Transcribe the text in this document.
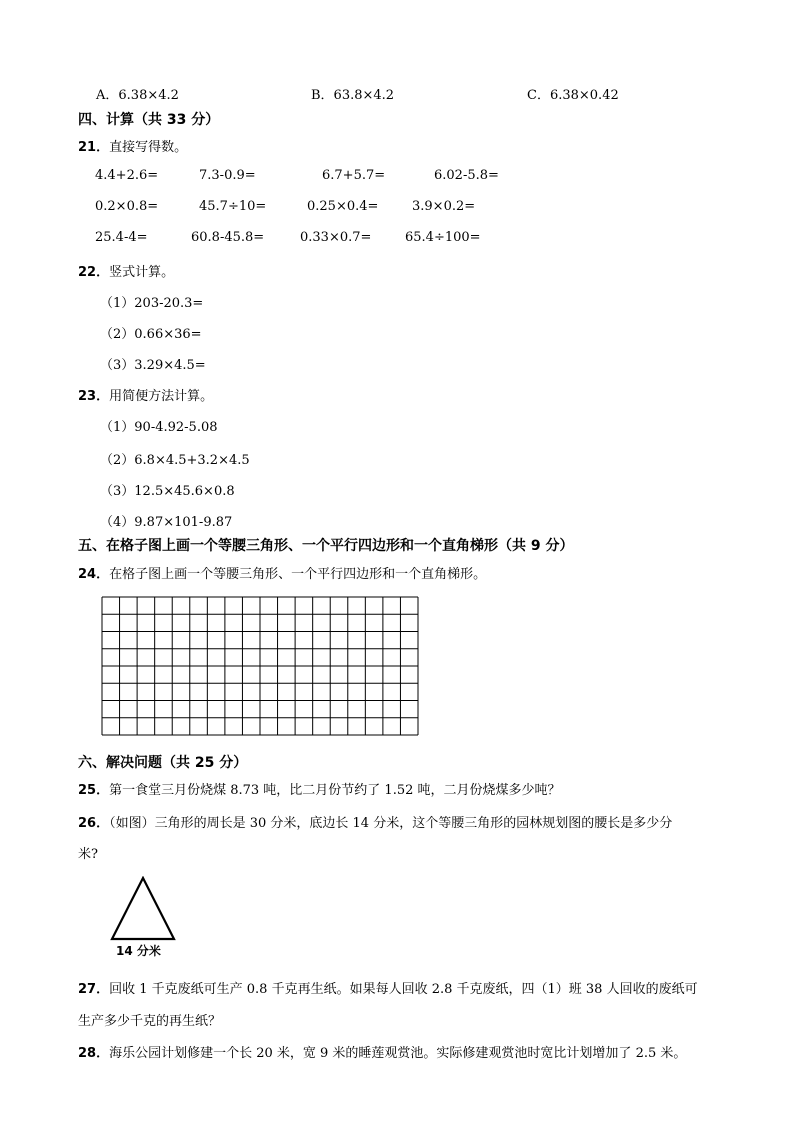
A．6.38×4.2	B．63.8×4.2	C．6.38×0.42
四、计算（共 33 分）
21．直接写得数。
4.4+2.6=	7.3-0.9=	6.7+5.7=	6.02-5.8=
0.2×0.8=	45.7÷10=	0.25×0.4=	3.9×0.2=
25.4-4=	60.8-45.8=	0.33×0.7=	65.4÷100=
22．竖式计算。
（1）203-20.3=
（2）0.66×36=
（3）3.29×4.5=
23．用简便方法计算。
（1）90-4.92-5.08
（2）6.8×4.5+3.2×4.5
（3）12.5×45.6×0.8
（4）9.87×101-9.87
五、在格子图上画一个等腰三角形、一个平行四边形和一个直角梯形（共 9 分）
24．在格子图上画一个等腰三角形、一个平行四边形和一个直角梯形。
六、解决问题（共 25 分）
25．第一食堂三月份烧煤 8.73 吨，比二月份节约了 1.52 吨，二月份烧煤多少吨？
26．（如图）三角形的周长是 30 分米，底边长 14 分米，这个等腰三角形的园林规划图的腰长是多少分
米?
14 分米
27．回收 1 千克废纸可生产 0.8 千克再生纸。如果每人回收 2.8 千克废纸，四（1）班 38 人回收的废纸可
生产多少千克的再生纸？
28．海乐公园计划修建一个长 20 米，宽 9 米的睡莲观赏池。实际修建观赏池时宽比计划增加了 2.5 米。
